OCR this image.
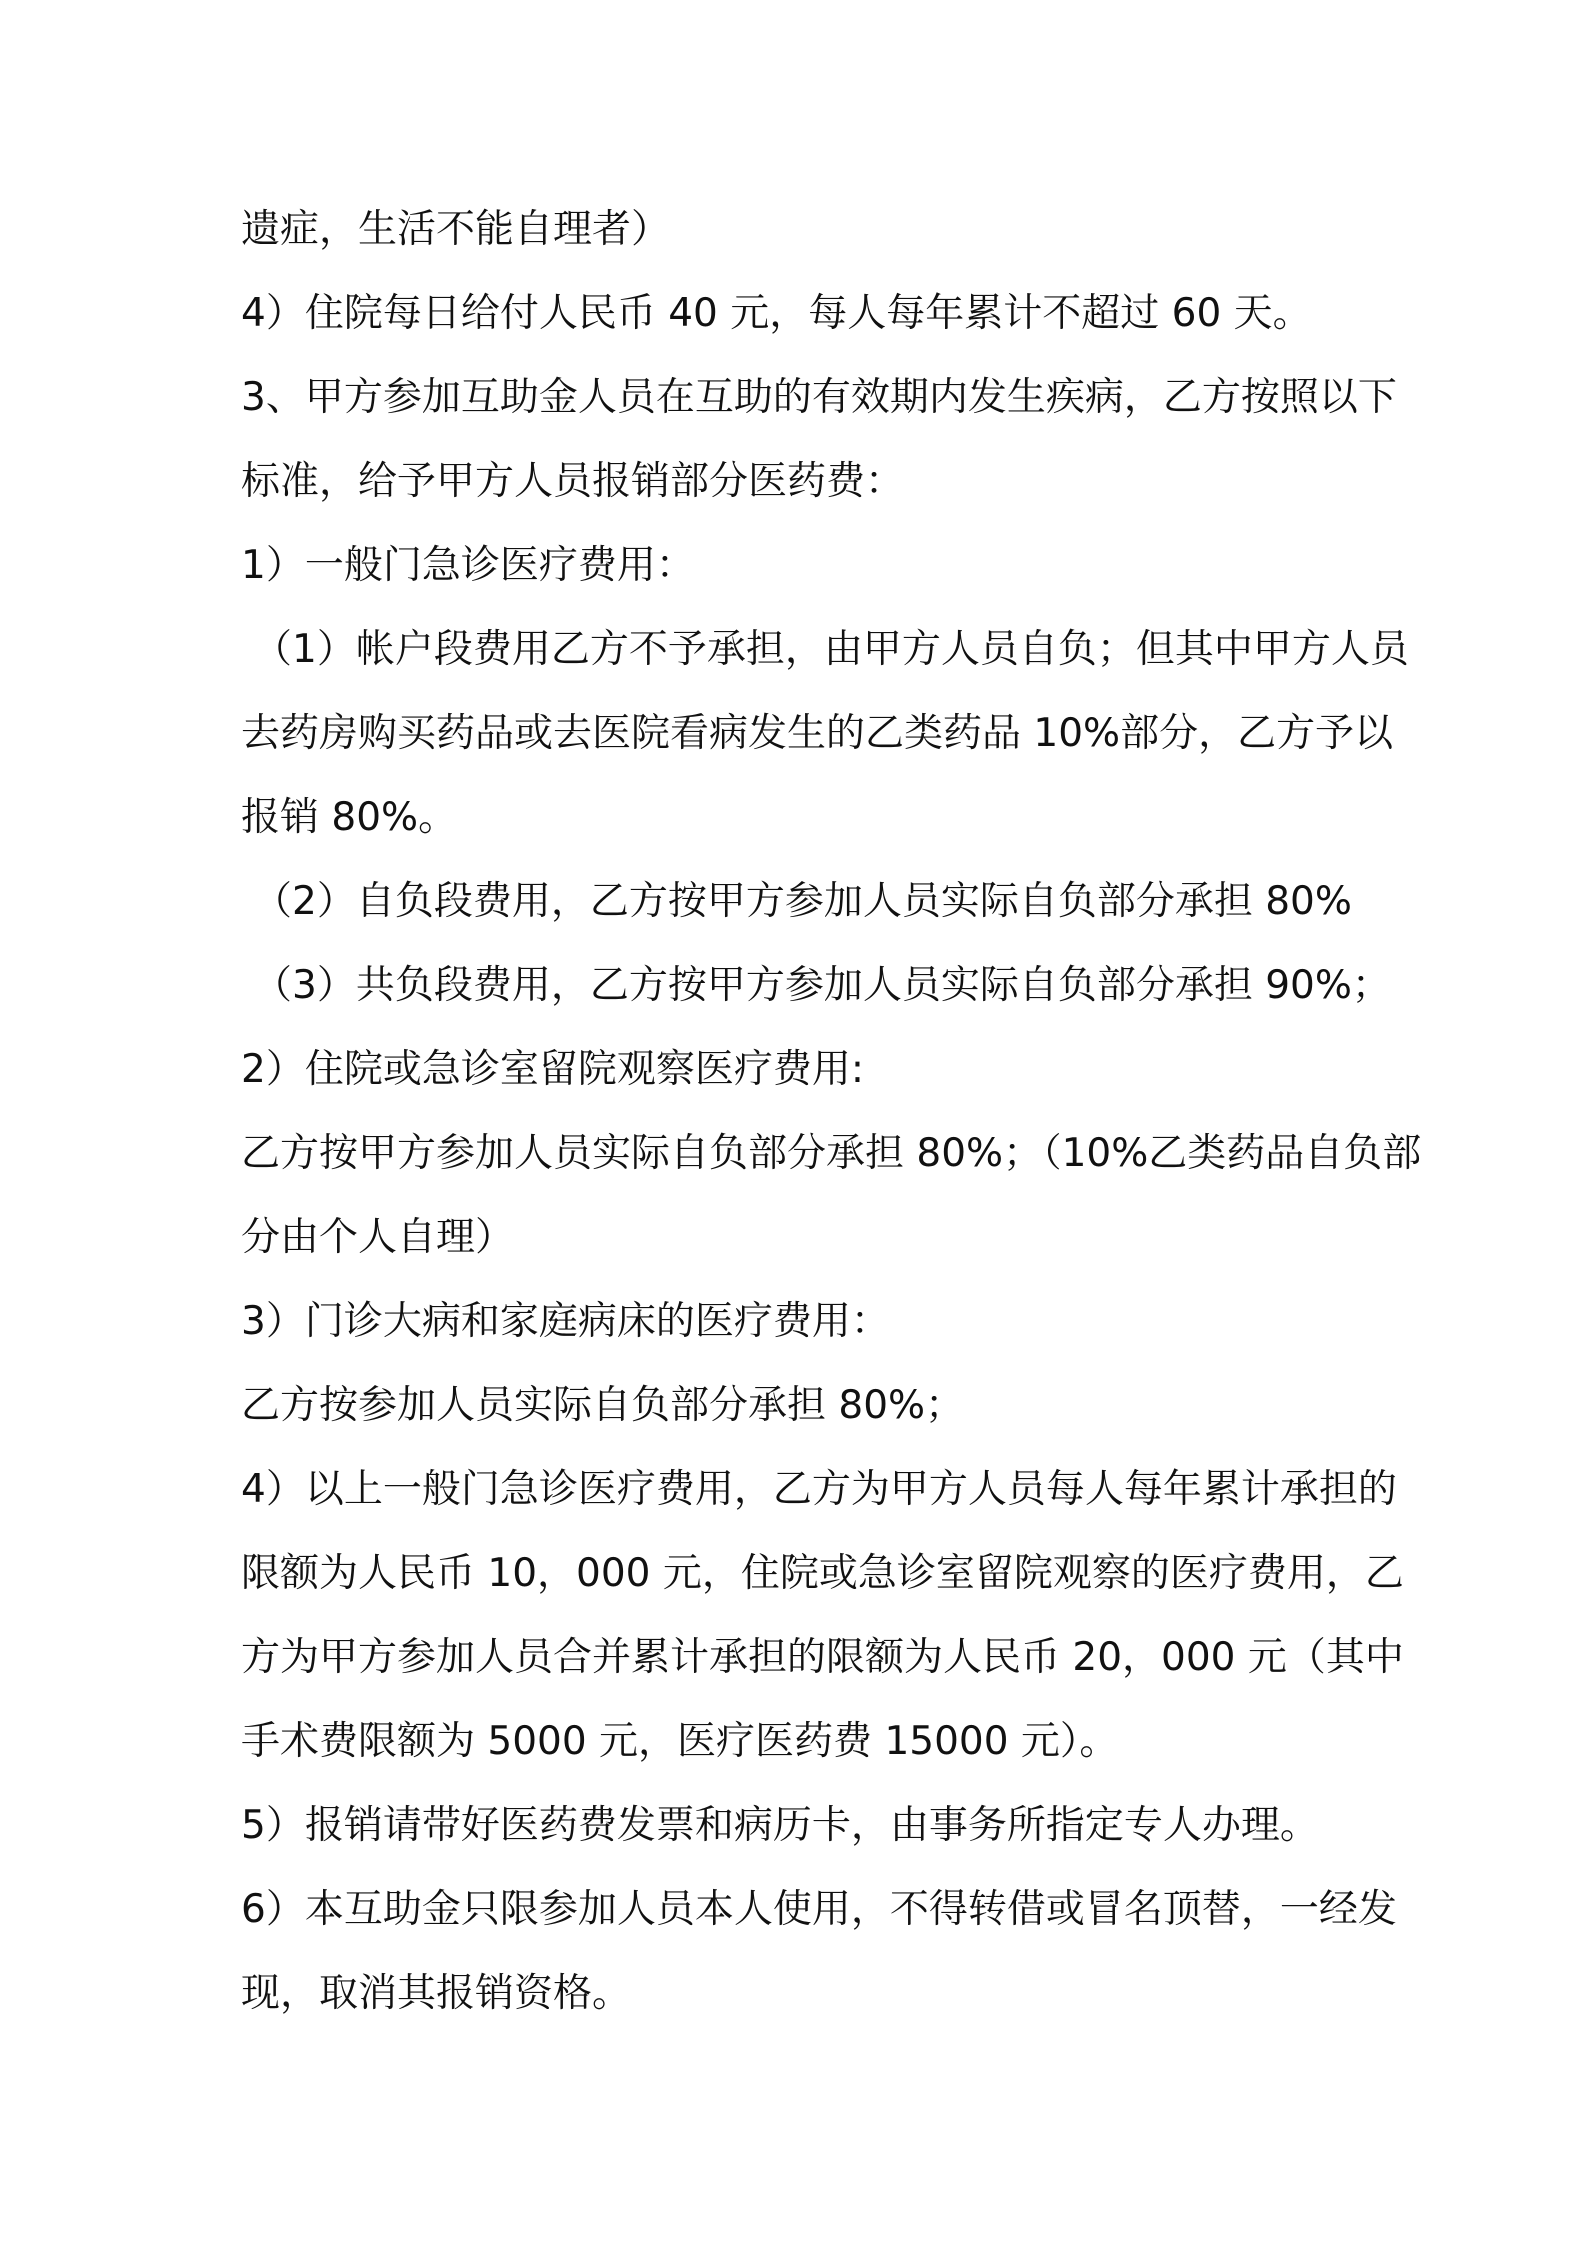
遗症，生活不能自理者）
4）住院每日给付人民币 40 元，每人每年累计不超过 60 天。
3、甲方参加互助金人员在互助的有效期内发生疾病，乙方按照以下
标准，给予甲方人员报销部分医药费：
1）一般门急诊医疗费用：
（1）帐户段费用乙方不予承担，由甲方人员自负；但其中甲方人员
去药房购买药品或去医院看病发生的乙类药品 10%部分，乙方予以
报销 80%。
（2）自负段费用，乙方按甲方参加人员实际自负部分承担 80%
（3）共负段费用，乙方按甲方参加人员实际自负部分承担 90%；
2）住院或急诊室留院观察医疗费用:
乙方按甲方参加人员实际自负部分承担 80%；（10%乙类药品自负部
分由个人自理）
3）门诊大病和家庭病床的医疗费用：
乙方按参加人员实际自负部分承担 80%；
4）以上一般门急诊医疗费用，乙方为甲方人员每人每年累计承担的
限额为人民币 10，000 元，住院或急诊室留院观察的医疗费用，乙
方为甲方参加人员合并累计承担的限额为人民币 20，000 元（其中
手术费限额为 5000 元，医疗医药费 15000 元）。
5）报销请带好医药费发票和病历卡，由事务所指定专人办理。
6）本互助金只限参加人员本人使用，不得转借或冒名顶替，一经发
现，取消其报销资格。
